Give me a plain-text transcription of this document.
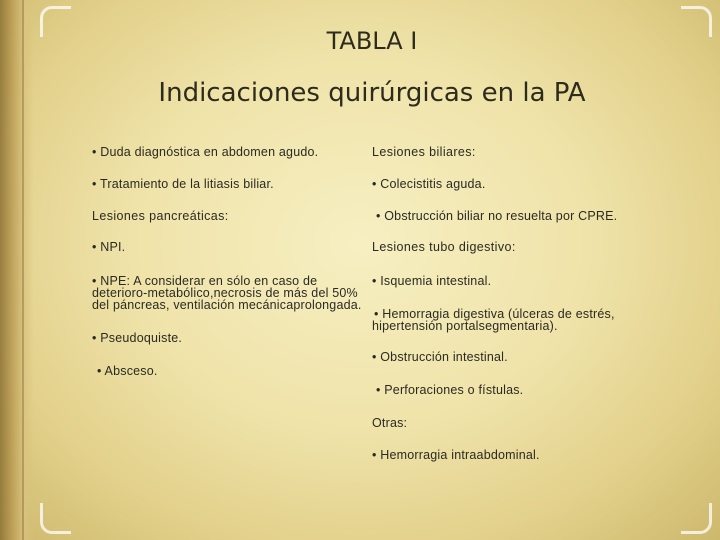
TABLA I
Indicaciones quirúrgicas en la PA
• Duda diagnóstica en abdomen agudo.
• Tratamiento de la litiasis biliar.
Lesiones pancreáticas:
• NPI.
• NPE: A considerar en sólo en caso de
deterioro-metabólico,necrosis de más del 50%
del páncreas, ventilación mecánicaprolongada.
• Pseudoquiste.
• Absceso.
Lesiones biliares:
• Colecistitis aguda.
• Obstrucción biliar no resuelta por CPRE.
Lesiones tubo digestivo:
• Isquemia intestinal.
• Hemorragia digestiva (úlceras de estrés,
hipertensión portalsegmentaria).
• Obstrucción intestinal.
• Perforaciones o fístulas.
Otras:
• Hemorragia intraabdominal.
